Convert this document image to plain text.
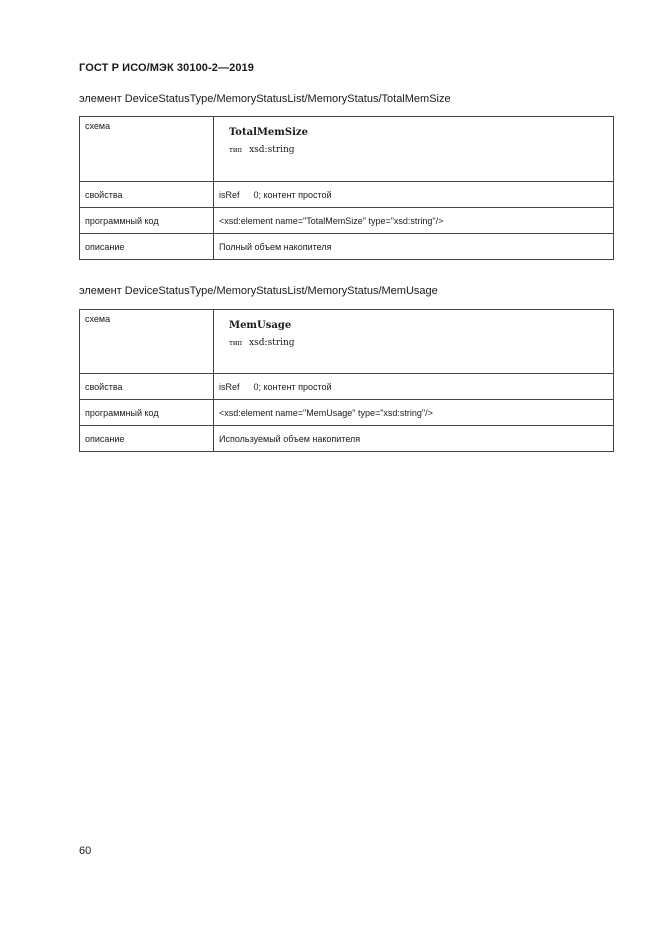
ГОСТ Р ИСО/МЭК 30100-2—2019
элемент DeviceStatusType/MemoryStatusList/MemoryStatus/TotalMemSize
схема	TotalMemSize
тип xsd:string

свойства	isRef 0; контент простой
программный код	<xsd:element name="TotalMemSize" type="xsd:string"/>
описание	Полный объем накопителя
элемент DeviceStatusType/MemoryStatusList/MemoryStatus/MemUsage
схема	MemUsage
тип xsd:string

свойства	isRef 0; контент простой
программный код	<xsd:element name="MemUsage" type="xsd:string"/>
описание	Используемый объем накопителя
60
